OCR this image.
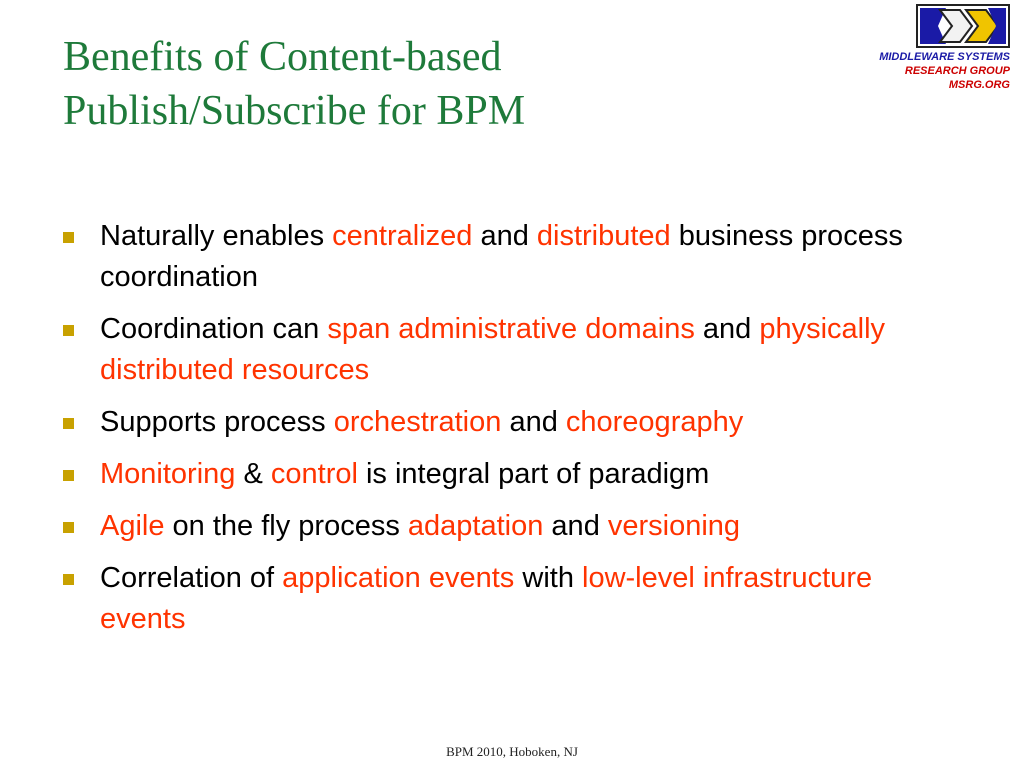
Benefits of Content-based
Publish/Subscribe for BPM
MIDDLEWARE SYSTEMS
RESEARCH GROUP
MSRG.ORG
Naturally enables centralized and distributed business process coordination
Coordination can span administrative domains and physically distributed resources
Supports process orchestration and choreography
Monitoring & control is integral part of paradigm
Agile on the fly process adaptation and versioning
Correlation of application events with low-level infrastructure events
BPM 2010, Hoboken, NJ
